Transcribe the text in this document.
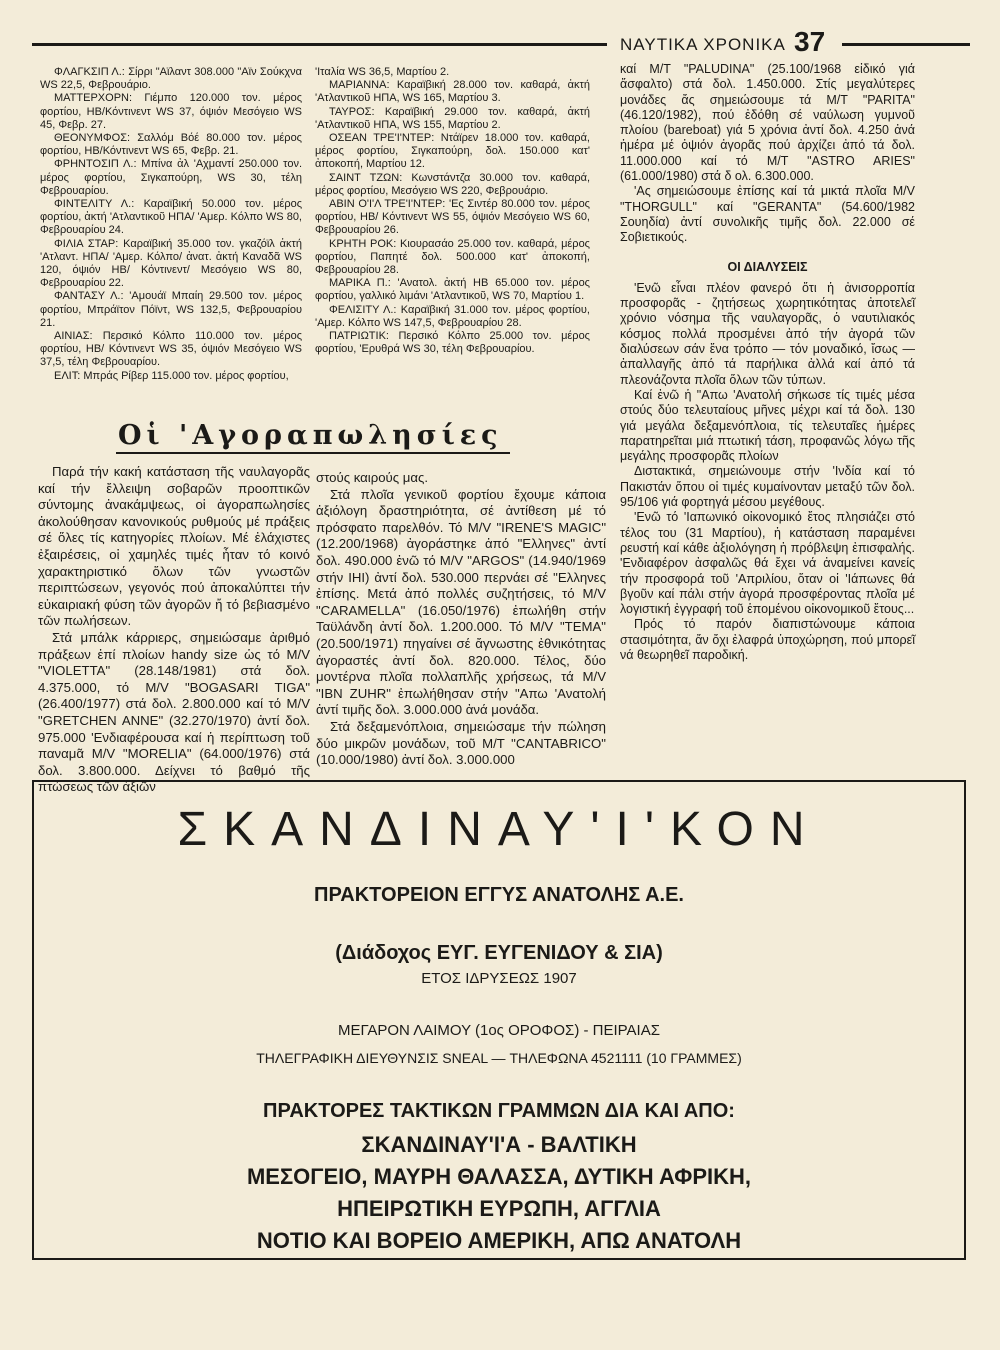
ΝΑΥΤΙΚΑ ΧΡΟΝΙΚΑ 37

ΦΛΑΓΚΣΙΠ Λ.: Σίρρι "Αϊλαντ 308.000 "Αϊν Σούκχνα WS 22,5, Φεβρουάριο.

ΜΑΤΤΕΡΧΟΡΝ: Γιέμπο 120.000 τον. μέρος φορτίου, ΗΒ/Κόντινεντ WS 37, όψιόν Μεσόγειο WS 45, Φεβρ. 27.

ΘΕΟΝΥΜΦΟΣ: Σαλλόμ Βόέ 80.000 τον. μέρος φορτίου, ΗΒ/Κόντινεντ WS 65, Φεβρ. 21.

ΦΡΗΝΤΟΣΙΠ Λ.: Μπίνα ἀλ 'Αχμαντί 250.000 τον. μέρος φορτίου, Σιγκαπούρη, WS 30, τέλη Φεβρουαρίου.

ΦΙΝΤΕΛΙΤΥ Λ.: Καραϊβική 50.000 τον. μέρος φορτίου, ἀκτή 'Ατλαντικοῦ ΗΠΑ/ 'Αμερ. Κόλπο WS 80, Φεβρουαρίου 24.

ΦΙΛΙΑ ΣΤΑΡ: Καραϊβική 35.000 τον. γκαζόϊλ ἀκτή 'Ατλαντ. ΗΠΑ/ 'Αμερ. Κόλπο/ ἀνατ. ἀκτή Καναδᾶ WS 120, όψιόν ΗΒ/ Κόντινεντ/ Μεσόγειο WS 80, Φεβρουαρίου 22.

ΦΑΝΤΑΣΥ Λ.: 'Αμουάϊ Μπαίη 29.500 τον. μέρος φορτίου, Μπράϊτον Πόϊντ, WS 132,5, Φεβρουαρίου 21.

ΑΙΝΙΑΣ: Περσικό Κόλπο 110.000 τον. μέρος φορτίου, ΗΒ/ Κόντινεντ WS 35, όψιόν Μεσόγειο WS 37,5, τέλη Φεβρουαρίου.

ΕΛΙΤ: Μπράς Ρίβερ 115.000 τον. μέρος φορτίου,

'Ιταλία WS 36,5, Μαρτίου 2.

ΜΑΡΙΑΝΝΑ: Καραϊβική 28.000 τον. καθαρά, ἀκτή 'Ατλαντικοῦ ΗΠΑ, WS 165, Μαρτίου 3.

ΤΑΥΡΟΣ: Καραϊβική 29.000 τον. καθαρά, ἀκτή 'Ατλαντικοῦ ΗΠΑ, WS 155, Μαρτίου 2.

ΟΣΕΑΝ ΤΡΕ'Ι'ΝΤΕΡ: Ντάϊρεν 18.000 τον. καθαρά, μέρος φορτίου, Σιγκαπούρη, δολ. 150.000 κατ' ἀποκοπή, Μαρτίου 12.

ΣΑΙΝΤ ΤΖΩΝ: Κωνστάντζα 30.000 τον. καθαρά, μέρος φορτίου, Μεσόγειο WS 220, Φεβρουάριο.

ΑΒΙΝ Ο'Ι'Λ ΤΡΕ'Ι'ΝΤΕΡ: 'Ες Σιντέρ 80.000 τον. μέρος φορτίου, ΗΒ/ Κόντινεντ WS 55, όψιόν Μεσόγειο WS 60, Φεβρουαρίου 26.

ΚΡΗΤΗ ΡΟΚ: Κιουρασάο 25.000 τον. καθαρά, μέρος φορτίου, Παπητέ δολ. 500.000 κατ' ἀποκοπή, Φεβρουαρίου 28.

ΜΑΡΙΚΑ Π.: 'Ανατολ. ἀκτή ΗΒ 65.000 τον. μέρος φορτίου, γαλλικό λιμάνι 'Ατλαντικοῦ, WS 70, Μαρτίου 1.

ΦΕΛΙΣΙΤΥ Λ.: Καραϊβική 31.000 τον. μέρος φορτίου, 'Αμερ. Κόλπο WS 147,5, Φεβρουαρίου 28.

ΠΑΤΡΙΩΤΙΚ: Περσικό Κόλπο 25.000 τον. μέρος φορτίου, 'Ερυθρά WS 30, τέλη Φεβρουαρίου.

καί Μ/Τ "PALUDINA" (25.100/1968 εἰδικό γιά ἄσφαλτο) στά δολ. 1.450.000. Στίς μεγαλύτερες μονάδες ἄς σημειώσουμε τά Μ/Τ "PARITA" (46.120/1982), πού ἐδόθη σέ ναύλωση γυμνοῦ πλοίου (bareboat) γιά 5 χρόνια ἀντί δολ. 4.250 ἀνά ἡμέρα μέ ὀψιόν ἀγορᾶς πού ἀρχίζει ἀπό τά δολ. 11.000.000 καί τό Μ/Τ "ASTRO ARIES" (61.000/1980) στά δ ολ. 6.300.000.

'Ας σημειώσουμε ἐπίσης καί τά μικτά πλοῖα Μ/V "THORGULL" καί "GERANTA" (54.600/1982 Σουηδία) ἀντί συνολικῆς τιμῆς δολ. 22.000 σέ Σοβιετικούς.

ΟΙ ΔΙΑΛΥΣΕΙΣ

'Ενῶ εἶναι πλέον φανερό ὅτι ἡ ἀνισορροπία προσφορᾶς - ζητήσεως χωρητικότητας ἀποτελεῖ χρόνιο νόσημα τῆς ναυλαγορᾶς, ὁ ναυτιλιακός κόσμος πολλά προσμένει ἀπό τήν ἀγορά τῶν διαλύσεων σάν ἕνα τρόπο — τόν μοναδικό, ἴσως — ἀπαλλαγῆς ἀπό τά παρήλικα ἀλλά καί ἀπό τά πλεονάζοντα πλοῖα ὅλων τῶν τύπων.

Καί ἐνῶ ἡ "Απω 'Ανατολή σήκωσε τίς τιμές μέσα στούς δύο τελευταίους μῆνες μέχρι καί τά δολ. 130 γιά μεγάλα δεξαμενόπλοια, τίς τελευταῖες ἡμέρες παρατηρεῖται μιά πτωτική τάση, προφανῶς λόγω τῆς μεγάλης προσφορᾶς πλοίων

Διστακτικά, σημειώνουμε στήν 'Ινδία καί τό Πακιστάν ὅπου οἱ τιμές κυμαίνονταν μεταξύ τῶν δολ. 95/106 γιά φορτηγά μέσου μεγέθους.

'Ενῶ τό 'Ιαπωνικό οἰκονομικό ἔτος πλησιάζει στό τέλος του (31 Μαρτίου), ἡ κατάσταση παραμένει ρευστή καί κάθε ἀξιολόγηση ἡ πρόβλεψη ἐπισφαλής. 'Ενδιαφέρον ἀσφαλῶς θά ἔχει νά ἀναμείνει κανείς τήν προσφορά τοῦ 'Απριλίου, ὅταν οἱ 'Ιάπωνες θά βγοῦν καί πάλι στήν ἀγορά προσφέροντας πλοῖα μέ λογιστική ἐγγραφή τοῦ ἑπομένου οἰκονομικοῦ ἔτους...

Πρός τό παρόν διαπιστώνουμε κάποια στασιμότητα, ἄν ὄχι ἐλαφρά ὑποχώρηση, πού μπορεῖ νά θεωρηθεῖ παροδική.

Οἱ 'Αγοραπωλησίες

Παρά τήν κακή κατάσταση τῆς ναυλαγορᾶς καί τήν ἔλλειψη σοβαρῶν προοπτικῶν σύντομης ἀνακάμψεως, οἱ ἀγοραπωλησίες ἀκολούθησαν κανονικούς ρυθμούς μέ πράξεις σέ ὅλες τίς κατηγορίες πλοίων. Μέ ἐλάχιστες ἐξαιρέσεις, οἱ χαμηλές τιμές ἦταν τό κοινό χαρακτηριστικό ὅλων τῶν γνωστῶν περιπτώσεων, γεγονός πού ἀποκαλύπτει τήν εὐκαιριακή φύση τῶν ἀγορῶν ἤ τό βεβιασμένο τῶν πωλήσεων.

Στά μπάλκ κάρριερς, σημειώσαμε ἀριθμό πράξεων ἐπί πλοίων handy size ὡς τό Μ/V "VIOLETTA" (28.148/1981) στά δολ. 4.375.000, τό Μ/V "BOGASARI TIGA" (26.400/1977) στά δολ. 2.800.000 καί τό Μ/V "GRETCHEN ANNE" (32.270/1970) ἀντί δολ. 975.000 'Ενδιαφέρουσα καί ἡ περίπτωση τοῦ παναμᾶ Μ/V "MORELIA" (64.000/1976) στά δολ. 3.800.000. Δείχνει τό βαθμό τῆς πτώσεως τῶν ἀξιῶν

στούς καιρούς μας.

Στά πλοῖα γενικοῦ φορτίου ἔχουμε κάποια ἀξιόλογη δραστηριότητα, σέ ἀντίθεση μέ τό πρόσφατο παρελθόν. Τό Μ/V "IRENE'S MAGIC" (12.200/1968) ἀγοράστηκε ἀπό "Ελληνες" ἀντί δολ. 490.000 ἐνῶ τό Μ/V "ARGOS" (14.940/1969 στήν ΙΗΙ) ἀντί δολ. 530.000 περνάει σέ "Ελληνες ἐπίσης. Μετά ἀπό πολλές συζητήσεις, τό Μ/V "CARAMELLA" (16.050/1976) ἐπωλήθη στήν Ταϋλάνδη ἀντί δολ. 1.200.000. Τό Μ/V "TEMA" (20.500/1971) πηγαίνει σέ ἄγνωστης ἐθνικότητας ἀγοραστές ἀντί δολ. 820.000. Τέλος, δύο μοντέρνα πλοῖα πολλαπλῆς χρήσεως, τά Μ/V "IBN ZUHR" ἐπωλήθησαν στήν "Απω 'Ανατολή ἀντί τιμῆς δολ. 3.000.000 ἀνά μονάδα.

Στά δεξαμενόπλοια, σημειώσαμε τήν πώληση δύο μικρῶν μονάδων, τοῦ Μ/Τ "CANTABRICO" (10.000/1980) ἀντί δολ. 3.000.000

ΣΚΑΝΔΙΝΑΥ'Ι'ΚΟΝ
ΠΡΑΚΤΟΡΕΙΟΝ ΕΓΓΥΣ ΑΝΑΤΟΛΗΣ Α.Ε.
(Διάδοχος ΕΥΓ. ΕΥΓΕΝΙΔΟΥ & ΣΙΑ)
ΕΤΟΣ ΙΔΡΥΣΕΩΣ 1907
ΜΕΓΑΡΟΝ ΛΑΙΜΟΥ (1ος ΟΡΟΦΟΣ) - ΠΕΙΡΑΙΑΣ
ΤΗΛΕΓΡΑΦΙΚΗ ΔΙΕΥΘΥΝΣΙΣ SNEAL — ΤΗΛΕΦΩΝΑ 4521111 (10 ΓΡΑΜΜΕΣ)
ΠΡΑΚΤΟΡΕΣ ΤΑΚΤΙΚΩΝ ΓΡΑΜΜΩΝ ΔΙΑ ΚΑΙ ΑΠΟ:
ΣΚΑΝΔΙΝΑΥ'Ι'Α - ΒΑΛΤΙΚΗ
ΜΕΣΟΓΕΙΟ, ΜΑΥΡΗ ΘΑΛΑΣΣΑ, ΔΥΤΙΚΗ ΑΦΡΙΚΗ,
ΗΠΕΙΡΩΤΙΚΗ ΕΥΡΩΠΗ, ΑΓΓΛΙΑ
ΝΟΤΙΟ ΚΑΙ ΒΟΡΕΙΟ ΑΜΕΡΙΚΗ, ΑΠΩ ΑΝΑΤΟΛΗ
